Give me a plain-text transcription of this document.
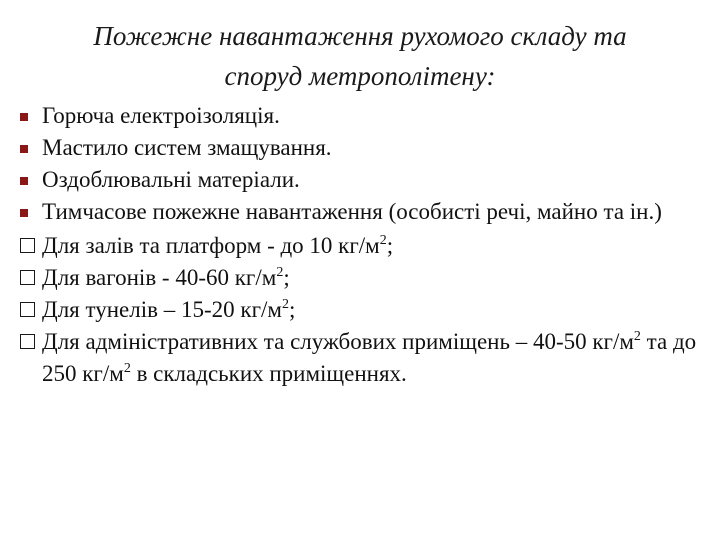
Пожежне навантаження рухомого складу та
споруд метрополітену:
Горюча електроізоляція.
Мастило систем змащування.
Оздоблювальні матеріали.
Тимчасове пожежне навантаження (особисті речі, майно та ін.)
Для залів та платформ - до 10 $кг/м^2$;
Для вагонів - 40-60 $кг/м^2$;
Для тунелів – 15-20 $кг/м^2$;
Для адміністративних та службових приміщень – 40-50 $кг/м^2$ та до 250 $кг/м^2$ в складських приміщеннях.
